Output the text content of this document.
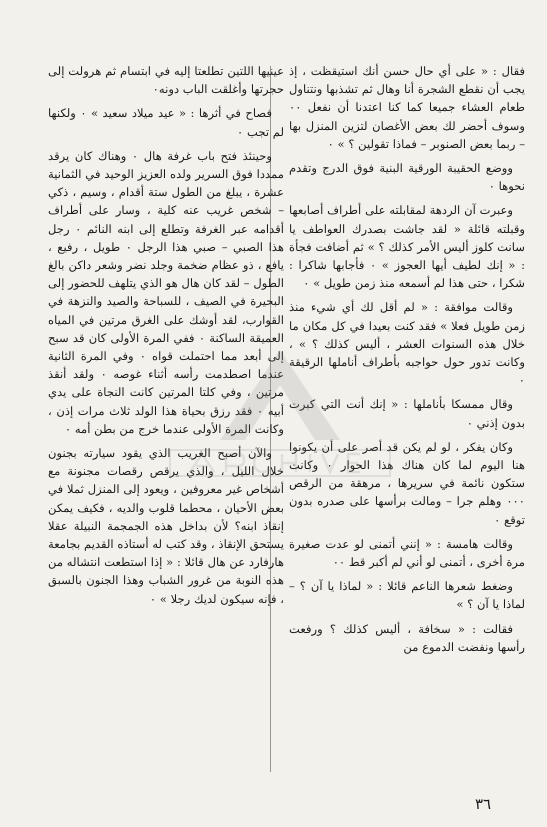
فقال : « على أي حال حسن أنك استيقظت ، إذ يجب أن نقطع الشجرة أنا وهال ثم تشذبها ونتناول طعام العشاء جميعا كما كنا اعتدنا أن نفعل ٠٠ وسوف أحضر لك بعض الأغصان لتزين المنزل بها – ربما بعض الصنوبر – فماذا تقولين ؟ » ٠

ووضع الحقيبة الورقية البنية فوق الدرج وتقدم نحوها ٠

وعبرت آن الردهة لمقابلته على أطراف أصابعها وقبلته قائلة « لقد جاشت بصدرك العواطف يا سانت كلوز أليس الأمر كذلك ؟ » ثم أضافت فجأة : « إنك لطيف أيها العجوز » ٠ فأجابها شاكرا : شكرا ، حتى هذا لم أسمعه منذ زمن طويل » ٠

وقالت موافقة : « لم أقل لك أي شيء منذ زمن طويل فعلا » فقد كنت بعيدا في كل مكان ما خلال هذه السنوات العشر ، أليس كذلك ؟ » ، وكانت تدور حول حواجبه بأطراف أناملها الرقيقة ٠

وقال ممسكا بأناملها : « إنك أنت التي كبرت بدون إذني ٠

وكان يفكر ، لو لم يكن قد أصر على أن يكونوا هنا اليوم لما كان هناك هذا الحوار ٠ وكانت ستكون نائمة في سريرها ، مرهقة من الرقص ٠٠٠ وهلم جرا – ومالت برأسها على صدره بدون توقع ٠

وقالت هامسة : « إنني أتمنى لو عدت صغيرة مرة أخرى ، أتمنى لو أني لم أكبر قط ٠٠

وضغط شعرها الناعم قائلا : « لماذا يا آن ؟ – لماذا يا آن ؟ »

فقالت : « سخافة ، أليس كذلك ؟ ورفعت رأسها ونفضت الدموع من

عينيها اللتين تطلعتا إليه في ابتسام ثم هرولت إلى حجرتها وأغلقت الباب دونه٠

فصاح في أثرها : « عيد ميلاد سعيد » ٠ ولكنها لم تجب ٠

وحينئذ فتح باب غرفة هال ٠ وهناك كان يرقد ممددا فوق السرير ولده العزيز الوحيد في الثمانية عشرة ، يبلغ من الطول ستة أقدام ، وسيم ، ذكي – شخص غريب عنه كلية ، وسار على أطراف أقدامه عبر الغرفة وتطلع إلى ابنه النائم ٠ رجل هذا الصبي – صبي هذا الرجل ٠ طويل ، رفيع ، يافع ، ذو عظام ضخمة وجلد نضر وشعر داكن بالغ الطول – لقد كان هال هو الذي يتلهف للحضور إلى البحيرة في الصيف ، للسباحة والصيد والنزهة في القوارب، لقد أوشك على الغرق مرتين في المياه العميقة الساكنة ٠ ففي المرة الأولى كان قد سبح إلى أبعد مما احتملت قواه ٠ وفي المرة الثانية عندما اصطدمت رأسه أثناء غوصه ٠ ولقد أنقذ مرتين ، وفي كلتا المرتين كانت النجاة على يدي أبيه ٠ فقد رزق بحياة هذا الولد ثلاث مرات إذن ، وكانت المرة الأولى عندما خرج من بطن أمه ٠

والآن أصبح الغريب الذي يقود سيارته بجنون خلال الليل ، والذي يرقص رقصات مجنونة مع أشخاص غير معروفين ، ويعود إلى المنزل ثملا في بعض الأحيان ، محطما قلوب والديه ، فكيف يمكن إنقاذ ابنه؟ لأن بداخل هذه الجمجمة النبيلة عقلا يستحق الإنقاذ ، وقد كتب له أستاذه القديم بجامعة هارفارد عن هال قائلا : « إذا استطعت انتشاله من هذه النوبة من غرور الشباب وهذا الجنون بالسبق ، فإنه سيكون لديك رجلا » ٠

٣٦
